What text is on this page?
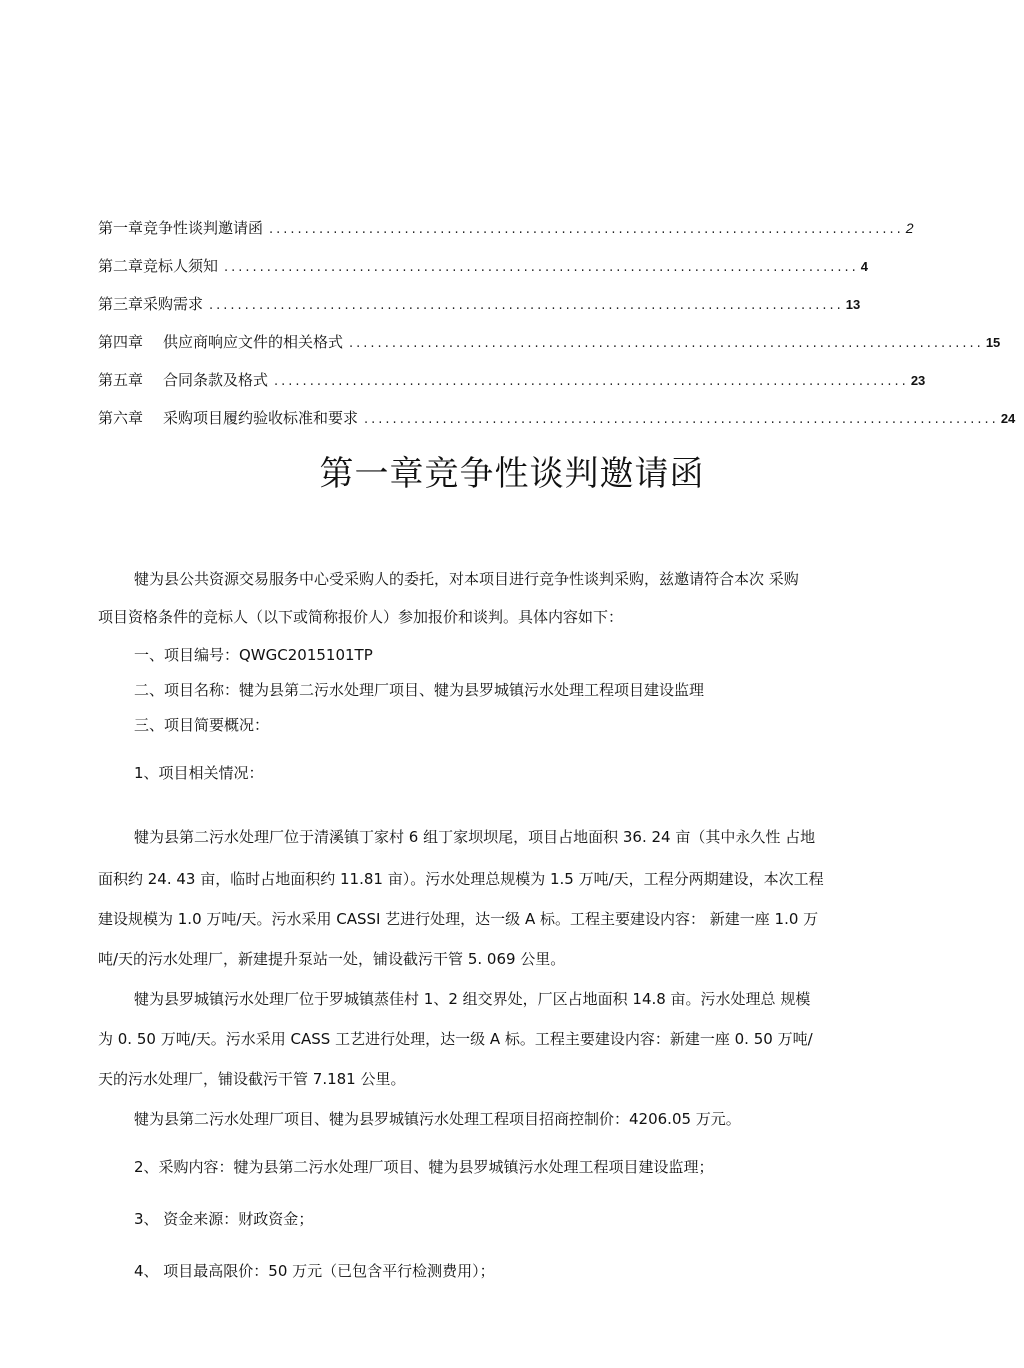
第一章竞争性谈判邀请函 ......................................................................................... 2
第二章竞标人须知 ......................................................................................... 4
第三章采购需求 ......................................................................................... 13
第四章 供应商响应文件的相关格式 ......................................................................................... 15
第五章 合同条款及格式 ......................................................................................... 23
第六章 采购项目履约验收标准和要求 ......................................................................................... 24
第一章竞争性谈判邀请函
犍为县公共资源交易服务中心受采购人的委托，对本项目进行竞争性谈判采购，兹邀请符合本次 采购
项目资格条件的竞标人（以下或简称报价人）参加报价和谈判。具体内容如下：
一、项目编号：QWGC2015101TP
二、项目名称：犍为县第二污水处理厂项目、犍为县罗城镇污水处理工程项目建设监理
三、项目简要概况：
1、项目相关情况：
犍为县第二污水处理厂位于清溪镇丁家村 6 组丁家坝坝尾，项目占地面积 36. 24 亩（其中永久性 占地
面积约 24. 43 亩，临时占地面积约 11.81 亩）。污水处理总规模为 1.5 万吨/天，工程分两期建设，本次工程
建设规模为 1.0 万吨/天。污水采用 CASSI 艺进行处理，达一级 A 标。工程主要建设内容： 新建一座 1.0 万
吨/天的污水处理厂，新建提升泵站一处，铺设截污干管 5. 069 公里。
犍为县罗城镇污水处理厂位于罗城镇蒸佳村 1、2 组交界处，厂区占地面积 14.8 亩。污水处理总 规模
为 0. 50 万吨/天。污水采用 CASS 工艺进行处理，达一级 A 标。工程主要建设内容：新建一座 0. 50 万吨/
天的污水处理厂，铺设截污干管 7.181 公里。
犍为县第二污水处理厂项目、犍为县罗城镇污水处理工程项目招商控制价：4206.05 万元。
2、采购内容：犍为县第二污水处理厂项目、犍为县罗城镇污水处理工程项目建设监理；
3、 资金来源：财政资金；
4、 项目最高限价：50 万元（已包含平行检测费用）；
